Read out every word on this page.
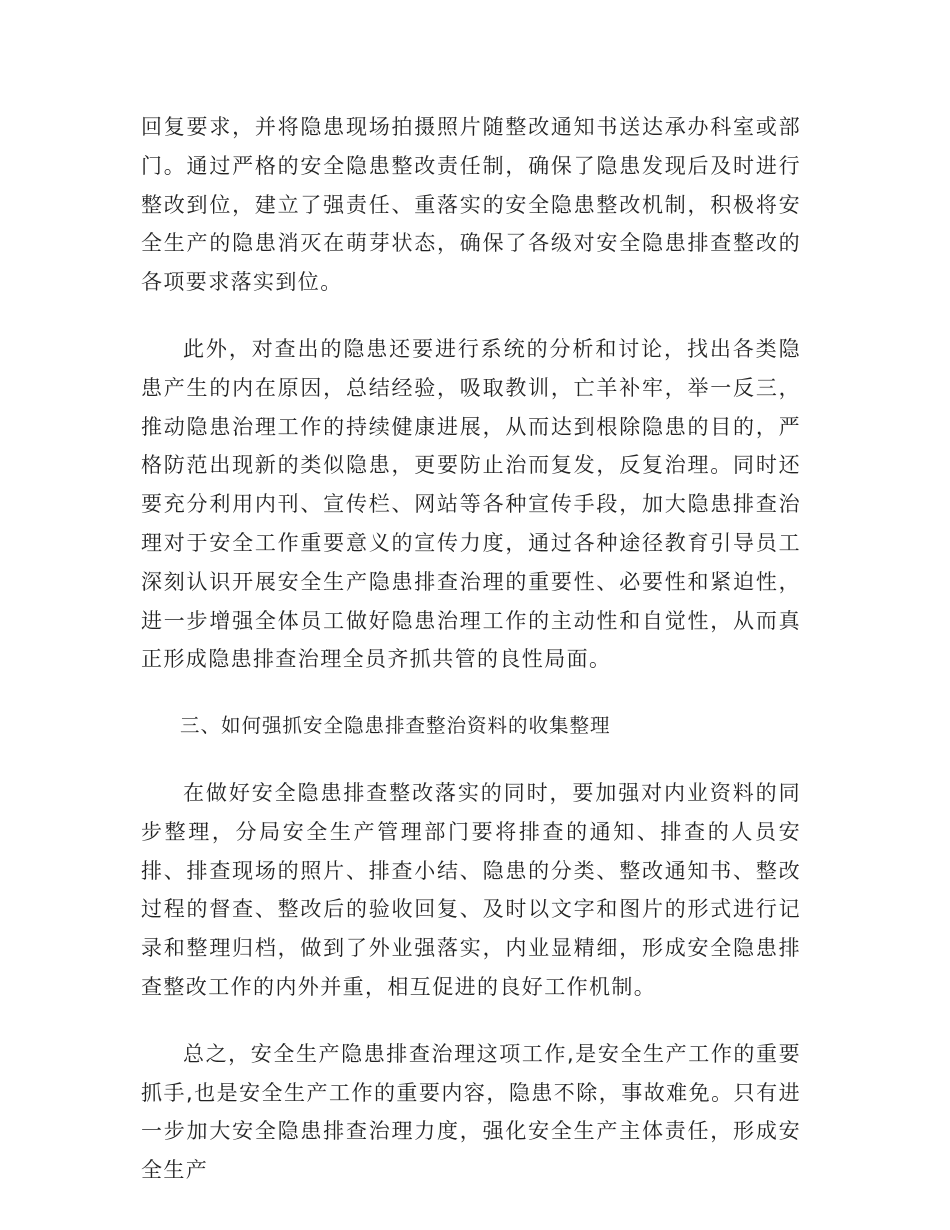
回复要求，并将隐患现场拍摄照片随整改通知书送达承办科室或部门。通过严格的安全隐患整改责任制，确保了隐患发现后及时进行整改到位，建立了强责任、重落实的安全隐患整改机制，积极将安全生产的隐患消灭在萌芽状态，确保了各级对安全隐患排查整改的各项要求落实到位。

此外，对查出的隐患还要进行系统的分析和讨论，找出各类隐患产生的内在原因，总结经验，吸取教训，亡羊补牢，举一反三，推动隐患治理工作的持续健康进展，从而达到根除隐患的目的，严格防范出现新的类似隐患，更要防止治而复发，反复治理。同时还要充分利用内刊、宣传栏、网站等各种宣传手段，加大隐患排查治理对于安全工作重要意义的宣传力度，通过各种途径教育引导员工深刻认识开展安全生产隐患排查治理的重要性、必要性和紧迫性，进一步增强全体员工做好隐患治理工作的主动性和自觉性，从而真正形成隐患排查治理全员齐抓共管的良性局面。

三、如何强抓安全隐患排查整治资料的收集整理

在做好安全隐患排查整改落实的同时，要加强对内业资料的同步整理，分局安全生产管理部门要将排查的通知、排查的人员安排、排查现场的照片、排查小结、隐患的分类、整改通知书、整改过程的督查、整改后的验收回复、及时以文字和图片的形式进行记录和整理归档，做到了外业强落实，内业显精细，形成安全隐患排查整改工作的内外并重，相互促进的良好工作机制。

总之，安全生产隐患排查治理这项工作,是安全生产工作的重要抓手,也是安全生产工作的重要内容，隐患不除，事故难免。只有进一步加大安全隐患排查治理力度，强化安全生产主体责任，形成安全生产
